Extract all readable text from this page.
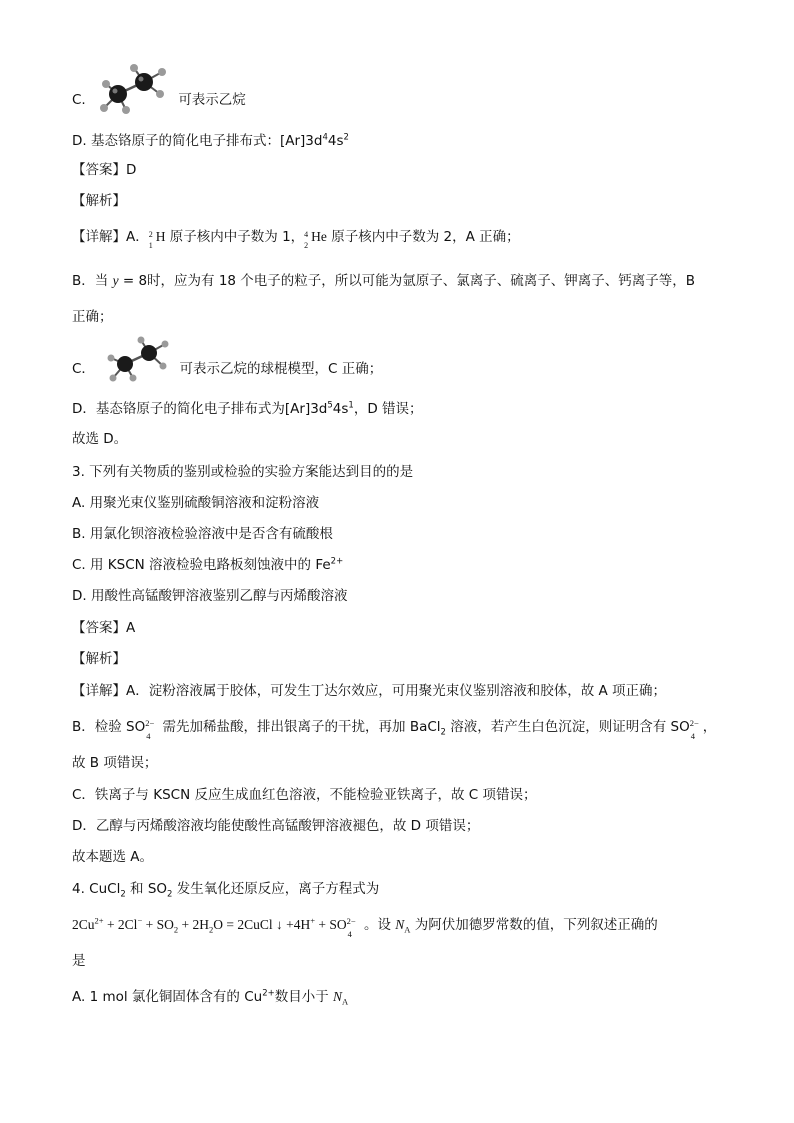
C.	可表示乙烷
D. 基态铬原子的简化电子排布式：$[Ar]3d^44s^2$
【答案】D
【解析】
【详解】A． 2
1
H 原子核内中子数为 1， 4
2
He 原子核内中子数为 2，A 正确；
B．当 y = 8时，应为有 18 个电子的粒子，所以可能为氩原子、氯离子、硫离子、钾离子、钙离子等，B
正确；
C．	可表示乙烷的球棍模型，C 正确；
D．基态铬原子的简化电子排布式为$[Ar]3d^54s^1$，D 错误；
故选 D。
3. 下列有关物质的鉴别或检验的实验方案能达到目的的是
A. 用聚光束仪鉴别硫酸铜溶液和淀粉溶液
B. 用氯化钡溶液检验溶液中是否含有硫酸根
C. 用 KSCN 溶液检验电路板刻蚀液中的 $Fe^{2+}$
D. 用酸性高锰酸钾溶液鉴别乙醇与丙烯酸溶液
【答案】A
【解析】
【详解】A．淀粉溶液属于胶体，可发生丁达尔效应，可用聚光束仪鉴别溶液和胶体，故 A 项正确；
B．检验 SO 2−
4
需先加稀盐酸，排出银离子的干扰，再加 BaCl$_2$ 溶液，若产生白色沉淀，则证明含有 SO 2−
4
，
故 B 项错误；
C．铁离子与 KSCN 反应生成血红色溶液，不能检验亚铁离子，故 C 项错误；
D．乙醇与丙烯酸溶液均能使酸性高锰酸钾溶液褪色，故 D 项错误；
故本题选 A。
4. CuCl$_2$ 和 $SO_2$ 发生氧化还原反应，离子方程式为
$2Cu^{2+} + 2Cl^- + SO_2 + 2H_2O$ = 2CuCl ↓ +4H+ + SO 2−
4
。设 $N_A$ 为阿伏加德罗常数的值，下列叙述正确的
是
A. 1 mol 氯化铜固体含有的 $Cu^{2+}$数目小于 $N_A$
